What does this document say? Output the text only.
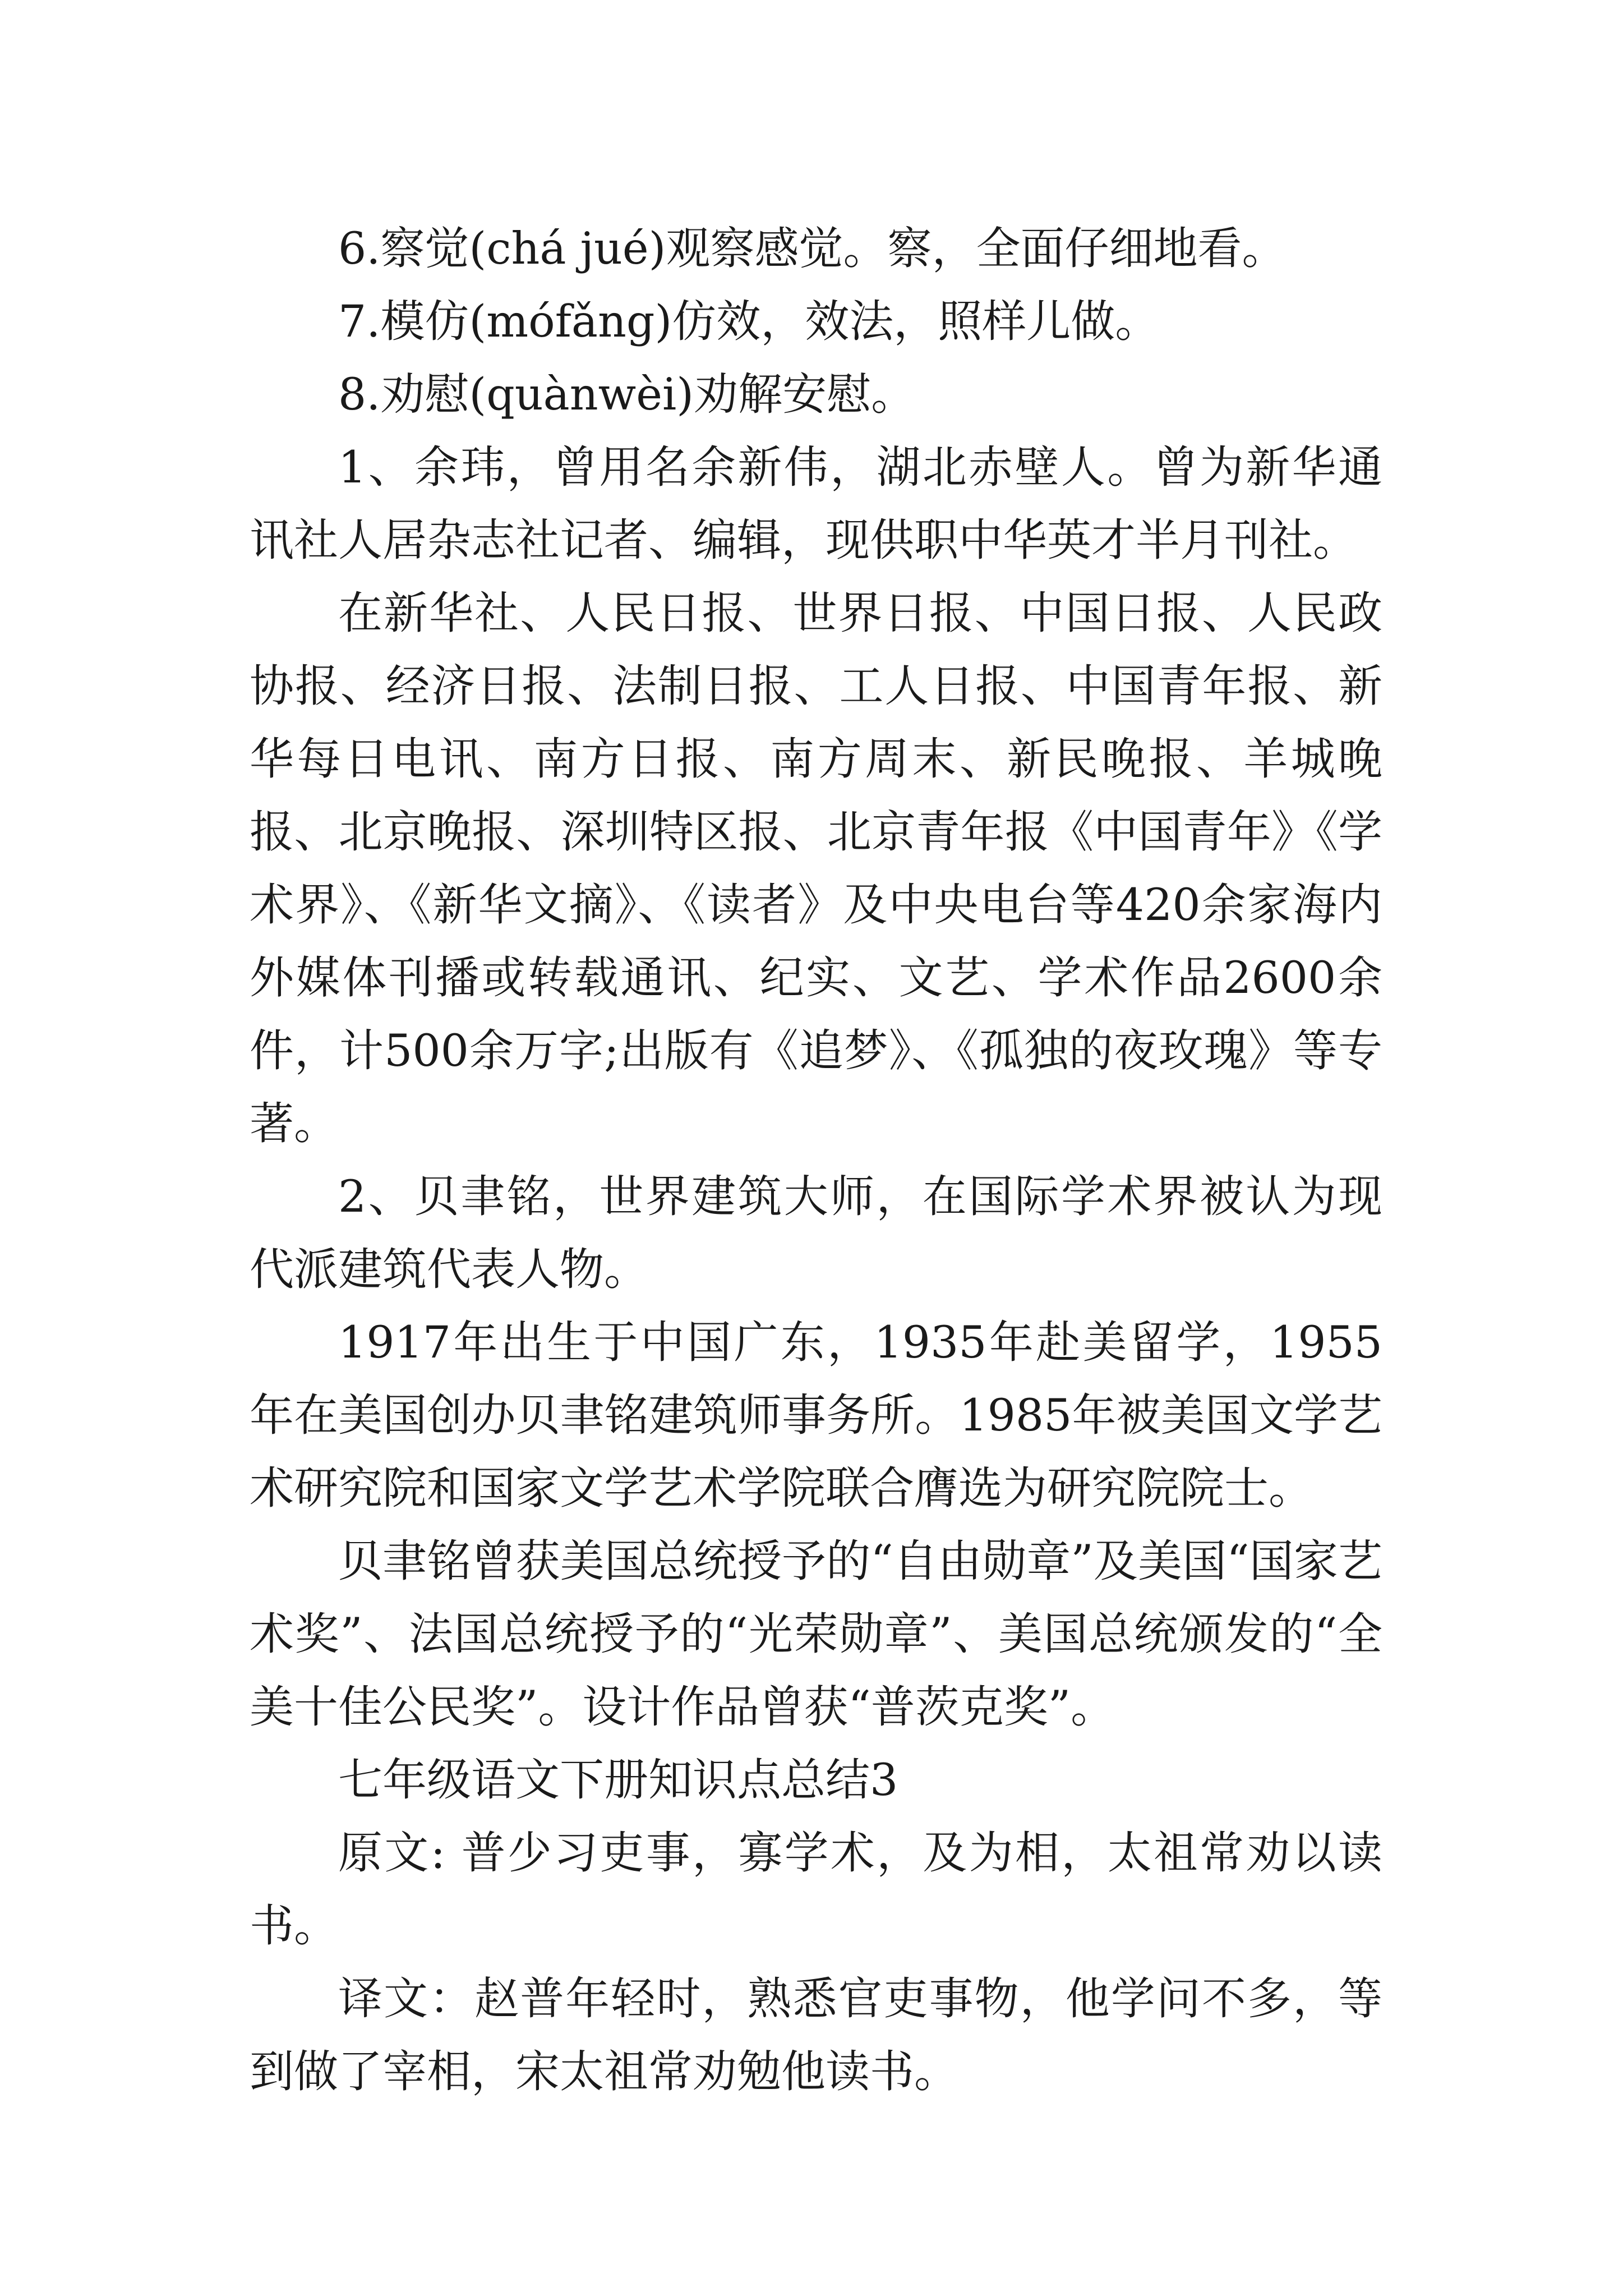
6.察觉(chá jué)观察感觉。察，全面仔细地看。

7.模仿(mófǎng)仿效，效法，照样儿做。

8.劝慰(quànwèi)劝解安慰。

1、余玮，曾用名余新伟，湖北赤壁人。曾为新华通讯社人居杂志社记者、编辑，现供职中华英才半月刊社。

在新华社、人民日报、世界日报、中国日报、人民政协报、经济日报、法制日报、工人日报、中国青年报、新华每日电讯、南方日报、南方周末、新民晚报、羊城晚报、北京晚报、深圳特区报、北京青年报《中国青年》《学术界》、《新华文摘》、《读者》及中央电台等420余家海内外媒体刊播或转载通讯、纪实、文艺、学术作品2600余件，计500余万字;出版有《追梦》、《孤独的夜玫瑰》等专著。

2、贝聿铭，世界建筑大师，在国际学术界被认为现代派建筑代表人物。

1917年出生于中国广东，1935年赴美留学，1955年在美国创办贝聿铭建筑师事务所。1985年被美国文学艺术研究院和国家文学艺术学院联合膺选为研究院院士。

贝聿铭曾获美国总统授予的“自由勋章”及美国“国家艺术奖”、法国总统授予的“光荣勋章”、美国总统颁发的“全美十佳公民奖”。设计作品曾获“普茨克奖”。

七年级语文下册知识点总结3

原文: 普少习吏事，寡学术，及为相，太祖常劝以读书。

译文：赵普年轻时，熟悉官吏事物，他学问不多，等到做了宰相，宋太祖常劝勉他读书。
